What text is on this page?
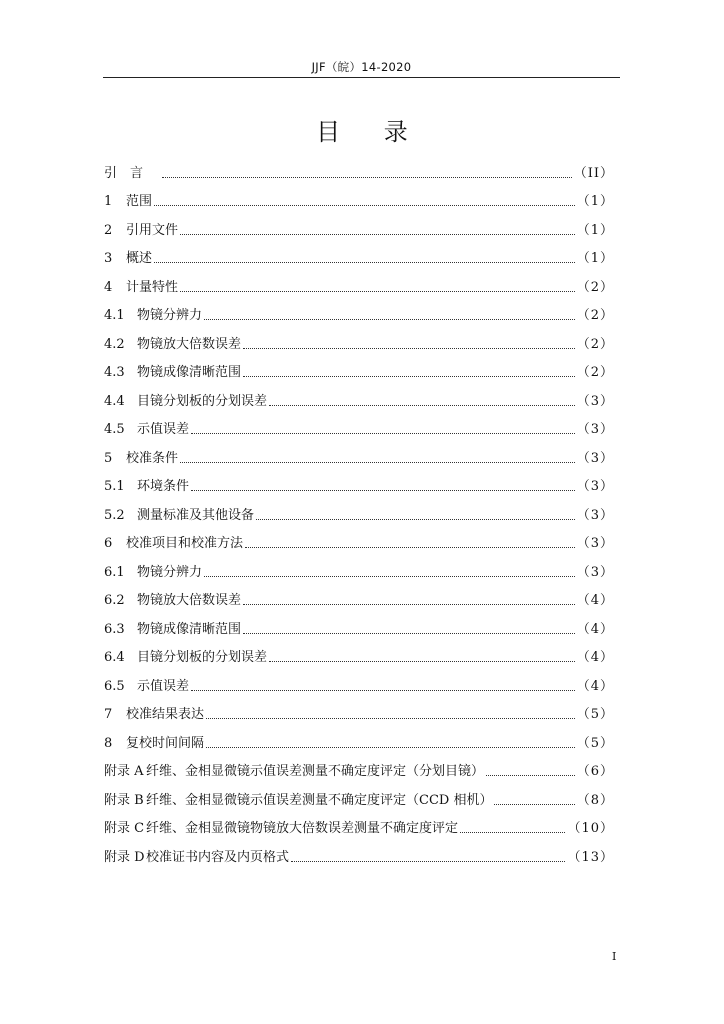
JJF（皖）14-2020
目 录
引　言	（II）
1	范围	（1）
2	引用文件	（1）
3	概述	（1）
4	计量特性	（2）
4.1 物镜分辨力	（2）
4.2 物镜放大倍数误差	（2）
4.3 物镜成像清晰范围	（2）
4.4 目镜分划板的分划误差	（3）
4.5 示值误差	（3）
5	校准条件	（3）
5.1 环境条件	（3）
5.2 测量标准及其他设备	（3）
6	校准项目和校准方法	（3）
6.1 物镜分辨力	（3）
6.2 物镜放大倍数误差	（4）
6.3 物镜成像清晰范围	（4）
6.4 目镜分划板的分划误差	（4）
6.5 示值误差	（4）
7	校准结果表达	（5）
8	复校时间间隔	（5）
附录 A 纤维、金相显微镜示值误差测量不确定度评定（分划目镜）	（6）
附录 B 纤维、金相显微镜示值误差测量不确定度评定（CCD 相机）	（8）
附录 C 纤维、金相显微镜物镜放大倍数误差测量不确定度评定	（10）
附录 D 校准证书内容及内页格式	（13）
I
